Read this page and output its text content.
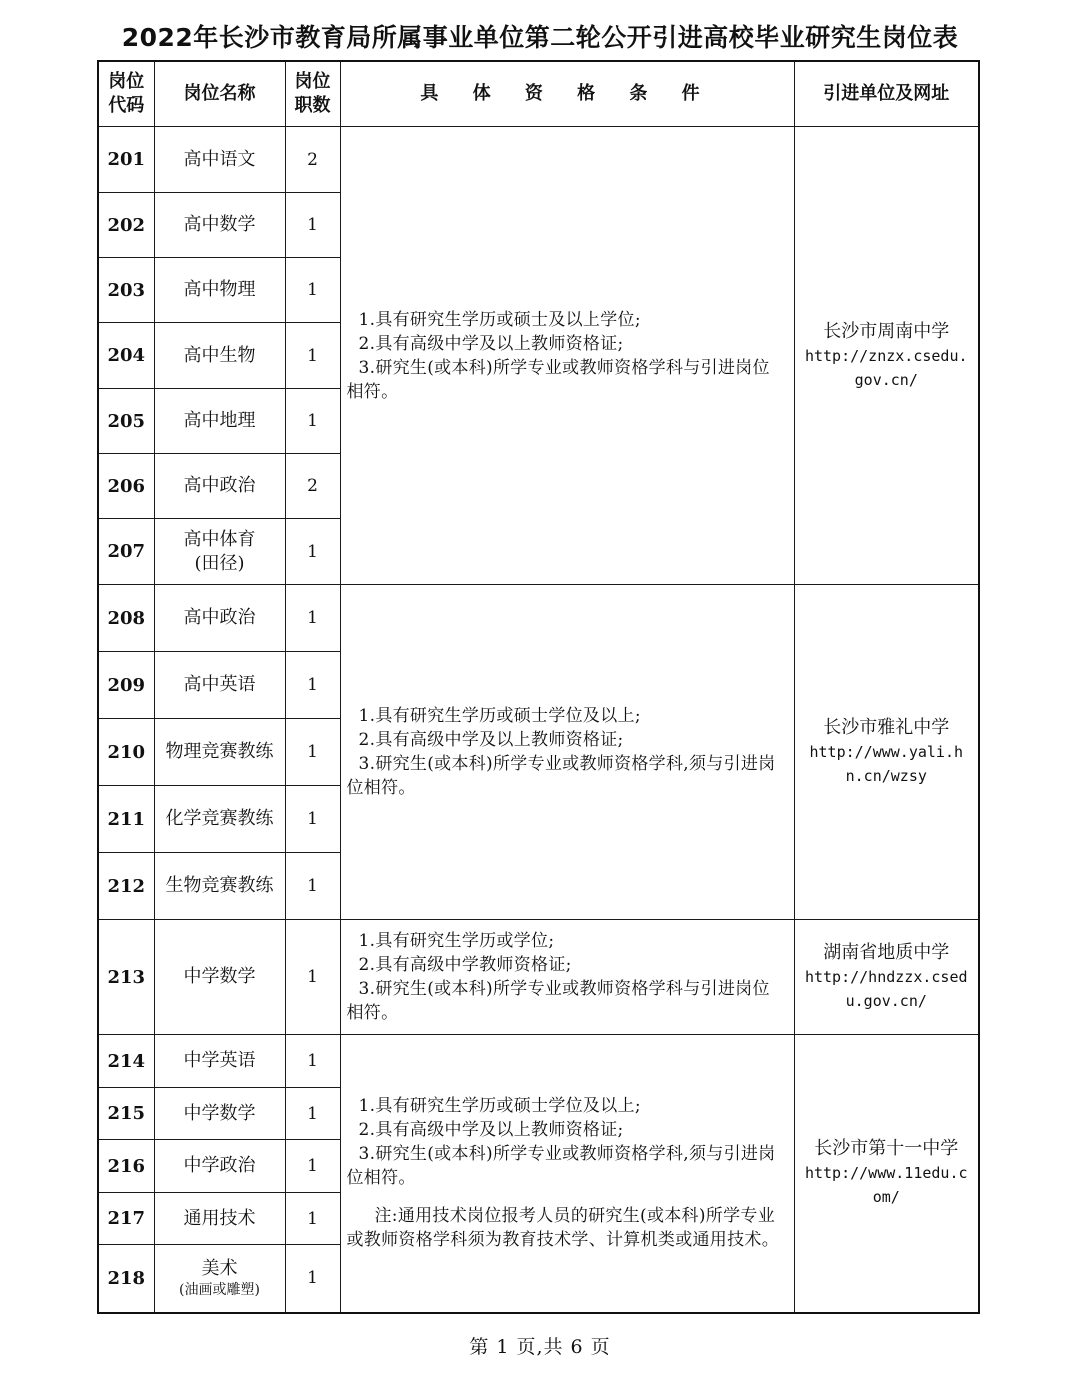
2022年长沙市教育局所属事业单位第二轮公开引进高校毕业研究生岗位表
岗位代码	岗位名称	岗位职数	具 体 资 格 条 件	引进单位及网址
201	高中语文	2	1.具有研究生学历或硕士及以上学位;
2.具有高级中学及以上教师资格证;
3.研究生(或本科)所学专业或教师资格学科与引进岗位相符。	长沙市周南中学
http://znzx.csedu.gov.cn/

202	高中数学	1		
203	高中物理	1		
204	高中生物	1		
205	高中地理	1		
206	高中政治	2		
207	高中体育
(田径)	1		
208	高中政治	1	1.具有研究生学历或硕士学位及以上;
2.具有高级中学及以上教师资格证;
3.研究生(或本科)所学专业或教师资格学科,须与引进岗位相符。	长沙市雅礼中学
http://www.yali.hn.cn/wzsy

209	高中英语	1		
210	物理竞赛教练	1		
211	化学竞赛教练	1		
212	生物竞赛教练	1		
213	中学数学	1	1.具有研究生学历或学位;
2.具有高级中学教师资格证;
3.研究生(或本科)所学专业或教师资格学科与引进岗位相符。	湖南省地质中学
http://hndzzx.csedu.gov.cn/

214	中学英语	1	1.具有研究生学历或硕士学位及以上;
2.具有高级中学及以上教师资格证;
3.研究生(或本科)所学专业或教师资格学科,须与引进岗位相符。
注:通用技术岗位报考人员的研究生(或本科)所学专业或教师资格学科须为教育技术学、计算机类或通用技术。	长沙市第十一中学
http://www.11edu.com/

215	中学数学	1		
216	中学政治	1		
217	通用技术	1		
218	美术
(油画或雕塑)	1		
第 1 页,共 6 页
